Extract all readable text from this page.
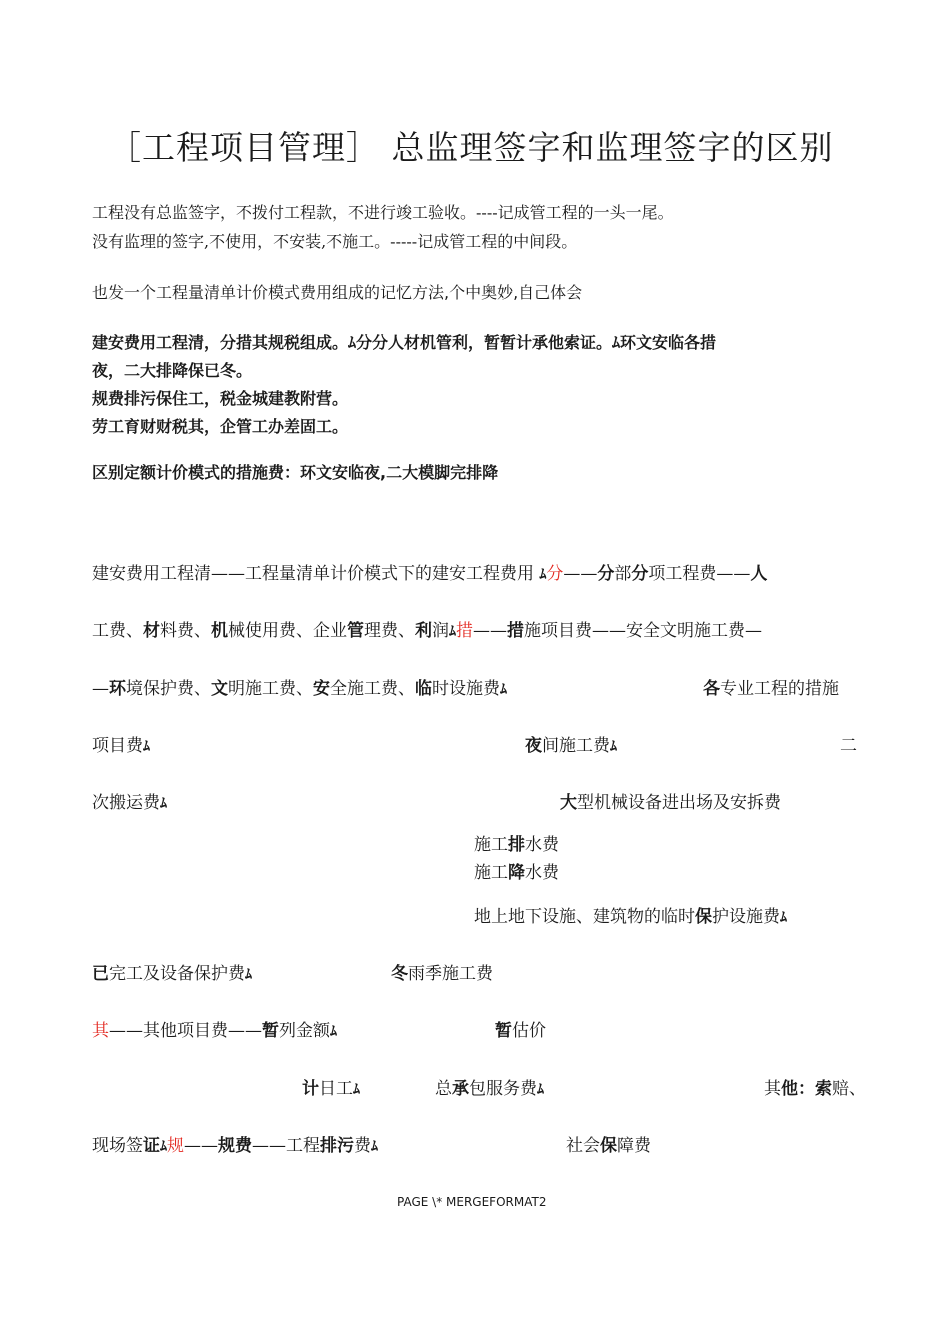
［工程项目管理］ 总监理签字和监理签字的区别
工程没有总监签字，不拨付工程款，不进行竣工验收。----记成管工程的一头一尾。
没有监理的签字,不使用，不安装,不施工。-----记成管工程的中间段。
也发一个工程量清单计价模式费用组成的记忆方法,个中奥妙,自己体会
建安费用工程清，分措其规税组成。ﾑ分分人材机管利，暂暂计承他索证。ﾑ环文安临各措
夜，二大排降保已冬。
规费排污保住工，税金城建教附营。
劳工育财财税其，企管工办差固工。
区别定额计价模式的措施费：环文安临夜,二大模脚完排降
建安费用工程清——工程量清单计价模式下的建安工程费用 ﾑ分——分部分项工程费——人
工费、材料费、机械使用费、企业管理费、利润ﾑ措——措施项目费——安全文明施工费—
—环境保护费、文明施工费、安全施工费、临时设施费ﾑ	各专业工程的措施
项目费ﾑ	夜间施工费ﾑ	二
次搬运费ﾑ	大型机械设备进出场及安拆费
施工排水费
施工降水费
地上地下设施、建筑物的临时保护设施费ﾑ
已完工及设备保护费ﾑ	冬雨季施工费
其——其他项目费——暂列金额ﾑ	暂估价
计日工ﾑ	总承包服务费ﾑ	其他：索赔、
现场签证ﾑ规——规费——工程排污费ﾑ	社会保障费
PAGE \* MERGEFORMAT2
